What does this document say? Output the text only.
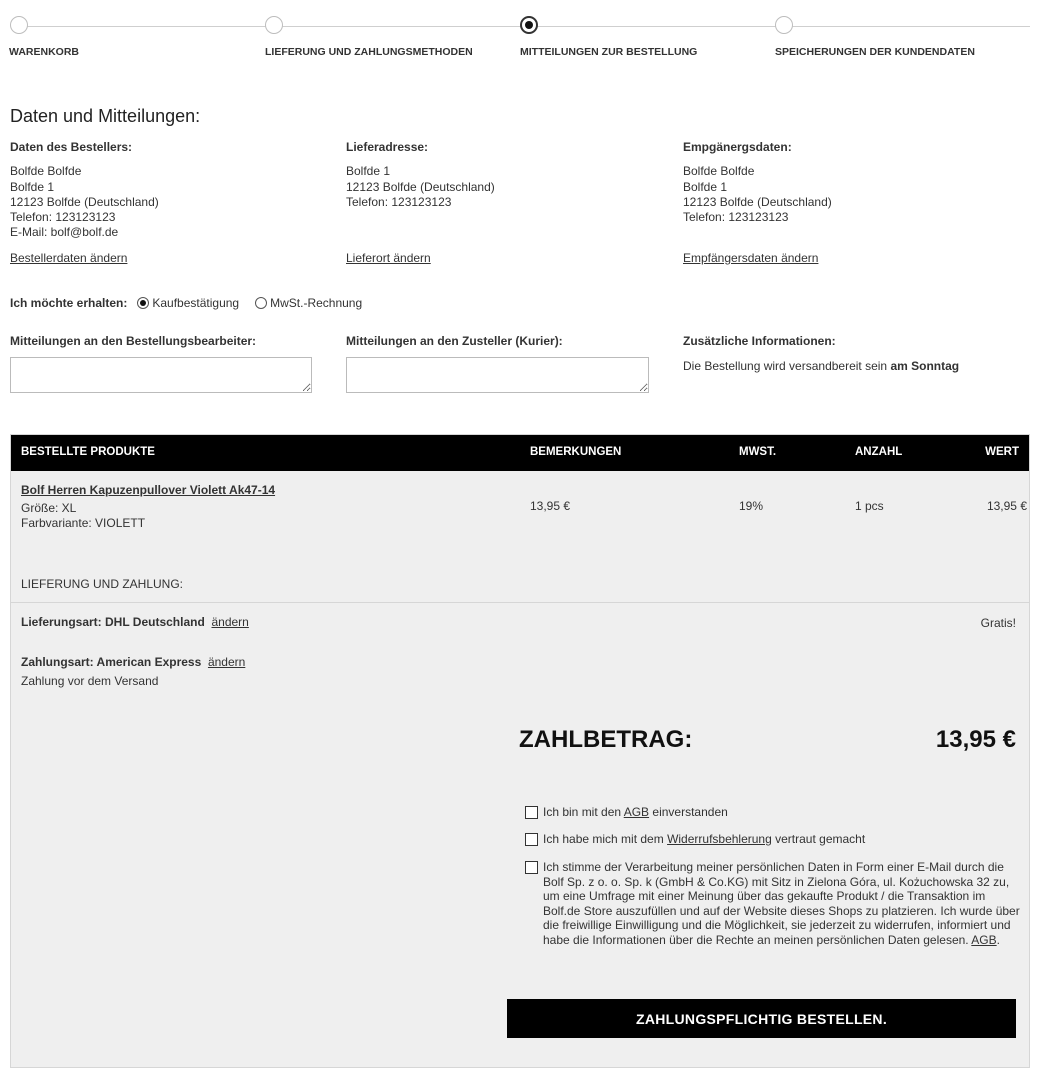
WARENKORB	LIEFERUNG UND ZAHLUNGSMETHODEN	MITTEILUNGEN ZUR BESTELLUNG	SPEICHERUNGEN DER KUNDENDATEN
Daten und Mitteilungen:
Daten des Bestellers:
Bolfde Bolfde
Bolfde 1
12123 Bolfde (Deutschland)
Telefon: 123123123
E-Mail: bolf@bolf.de
Bestellerdaten ändern
Lieferadresse:
Bolfde 1
12123 Bolfde (Deutschland)
Telefon: 123123123
Lieferort ändern
Empgänergsdaten:
Bolfde Bolfde
Bolfde 1
12123 Bolfde (Deutschland)
Telefon: 123123123
Empfängersdaten ändern
Ich möchte erhalten: Kaufbestätigung	MwSt.-Rechnung
Mitteilungen an den Bestellungsbearbeiter:	Mitteilungen an den Zusteller (Kurier):	Zusätzliche Informationen:
Die Bestellung wird versandbereit sein am Sonntag
BESTELLTE PRODUKTE	BEMERKUNGEN	MWST.	ANZAHL	WERT
Bolf Herren Kapuzenpullover Violett Ak47-14
Größe: XL
Farbvariante: VIOLETT
13,95 €	19%	1 pcs	13,95 €
LIEFERUNG UND ZAHLUNG:
Lieferungsart: DHL Deutschland ändern	Gratis!
Zahlungsart: American Express ändern
Zahlung vor dem Versand
ZAHLBETRAG:	13,95 €
Ich bin mit den AGB einverstanden
Ich habe mich mit dem Widerrufsbehlerung vertraut gemacht
Ich stimme der Verarbeitung meiner persönlichen Daten in Form einer E-Mail durch die Bolf Sp. z o. o. Sp. k (GmbH & Co.KG) mit Sitz in Zielona Góra, ul. Kożuchowska 32 zu, um eine Umfrage mit einer Meinung über das gekaufte Produkt / die Transaktion im Bolf.de Store auszufüllen und auf der Website dieses Shops zu platzieren. Ich wurde über die freiwillige Einwilligung und die Möglichkeit, sie jederzeit zu widerrufen, informiert und habe die Informationen über die Rechte an meinen persönlichen Daten gelesen. AGB.
ZAHLUNGSPFLICHTIG BESTELLEN.
